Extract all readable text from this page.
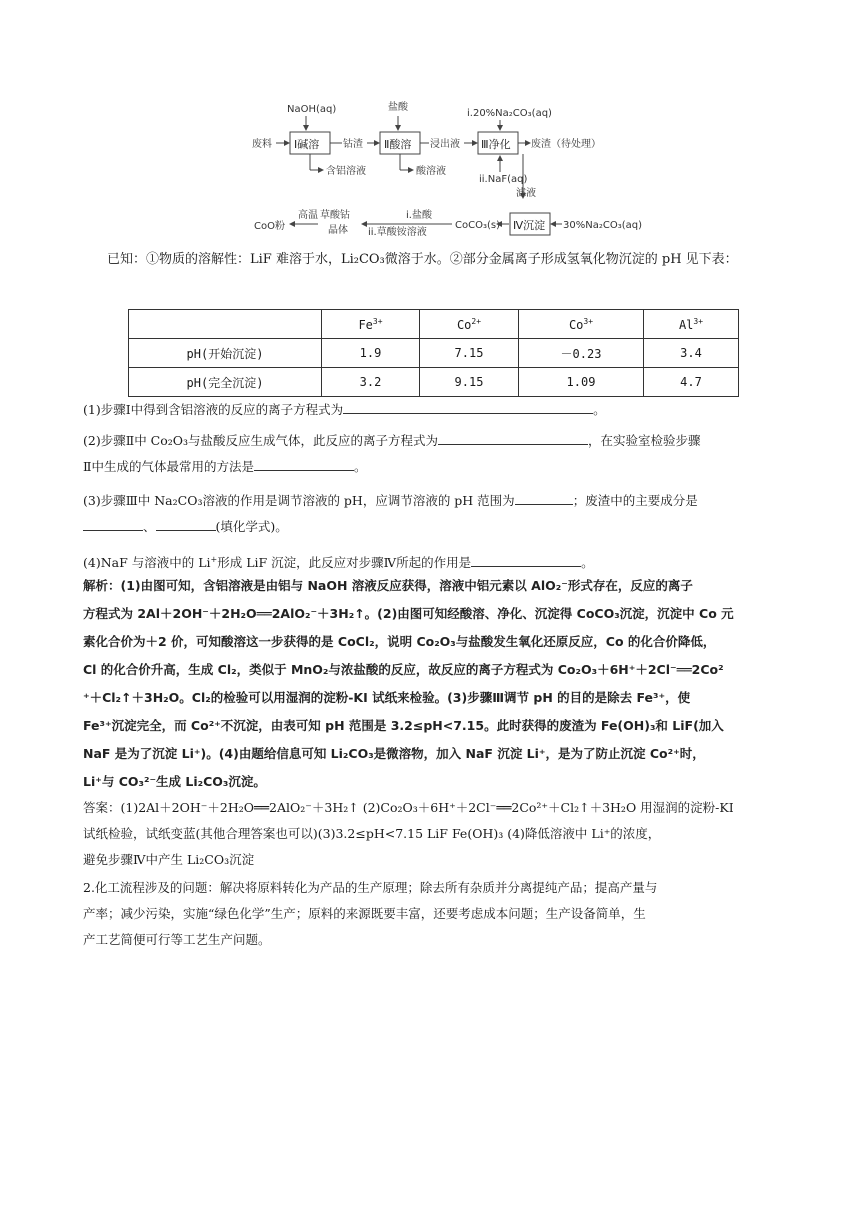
NaOH(aq)	盐酸
i.20%Na₂CO₃(aq)
废料 Ⅰ碱溶 钴渣 Ⅱ酸溶 浸出液 Ⅲ净化 废渣（待处理）
含铝溶液	酸溶液
ii.NaF(aq)
滤液
CoO粉
高温 草酸钴
晶体
i.盐酸
ii.草酸铵溶液
CoCO₃(s) Ⅳ沉淀 30%Na₂CO₃(aq)
已知：①物质的溶解性：LiF 难溶于水，Li₂CO₃微溶于水。②部分金属离子形成氢氧化物沉淀的 pH 见下表：
	$Fe^{3+}$	$Co^{2+}$	$Co^{3+}$	$Al^{3+}$
pH(开始沉淀)	1.9	7.15	－0.23	3.4
pH(完全沉淀)	3.2	9.15	1.09	4.7
(1)步骤Ⅰ中得到含铝溶液的反应的离子方程式为	。
(2)步骤Ⅱ中 Co₂O₃与盐酸反应生成气体，此反应的离子方程式为	，在实验室检验步骤
Ⅱ中生成的气体最常用的方法是	。
(3)步骤Ⅲ中 Na₂CO₃溶液的作用是调节溶液的 pH，应调节溶液的 pH 范围为	；废渣中的主要成分是
、	(填化学式)。
(4)NaF 与溶液中的 Li+形成 LiF 沉淀，此反应对步骤Ⅳ所起的作用是	。
解析：(1)由图可知，含铝溶液是由铝与 NaOH 溶液反应获得，溶液中铝元素以 AlO₂⁻形式存在，反应的离子
方程式为 2Al＋2OH⁻＋2H₂O══2AlO₂⁻＋3H₂↑。(2)由图可知经酸溶、净化、沉淀得 CoCO₃沉淀，沉淀中 Co 元
素化合价为＋2 价，可知酸溶这一步获得的是 CoCl₂，说明 Co₂O₃与盐酸发生氧化还原反应，Co 的化合价降低，
Cl 的化合价升高，生成 Cl₂，类似于 MnO₂与浓盐酸的反应，故反应的离子方程式为 Co₂O₃＋6H⁺＋2Cl⁻══2Co²
⁺＋Cl₂↑＋3H₂O。Cl₂的检验可以用湿润的淀粉-KI 试纸来检验。(3)步骤Ⅲ调节 pH 的目的是除去 Fe³⁺，使
Fe³⁺沉淀完全，而 Co²⁺不沉淀，由表可知 pH 范围是 3.2≤pH<7.15。此时获得的废渣为 Fe(OH)₃和 LiF(加入
NaF 是为了沉淀 Li⁺)。(4)由题给信息可知 Li₂CO₃是微溶物，加入 NaF 沉淀 Li⁺，是为了防止沉淀 Co²⁺时，
Li⁺与 CO₃²⁻生成 Li₂CO₃沉淀。
答案：(1)2Al＋2OH⁻＋2H₂O══2AlO₂⁻＋3H₂↑ (2)Co₂O₃＋6H⁺＋2Cl⁻══2Co²⁺＋Cl₂↑＋3H₂O 用湿润的淀粉-KI
试纸检验，试纸变蓝(其他合理答案也可以)(3)3.2≤pH<7.15 LiF Fe(OH)₃ (4)降低溶液中 Li⁺的浓度，
避免步骤Ⅳ中产生 Li₂CO₃沉淀
2.化工流程涉及的问题：解决将原料转化为产品的生产原理；除去所有杂质并分离提纯产品；提高产量与
产率；减少污染，实施“绿色化学”生产；原料的来源既要丰富，还要考虑成本问题；生产设备简单，生
产工艺简便可行等工艺生产问题。
